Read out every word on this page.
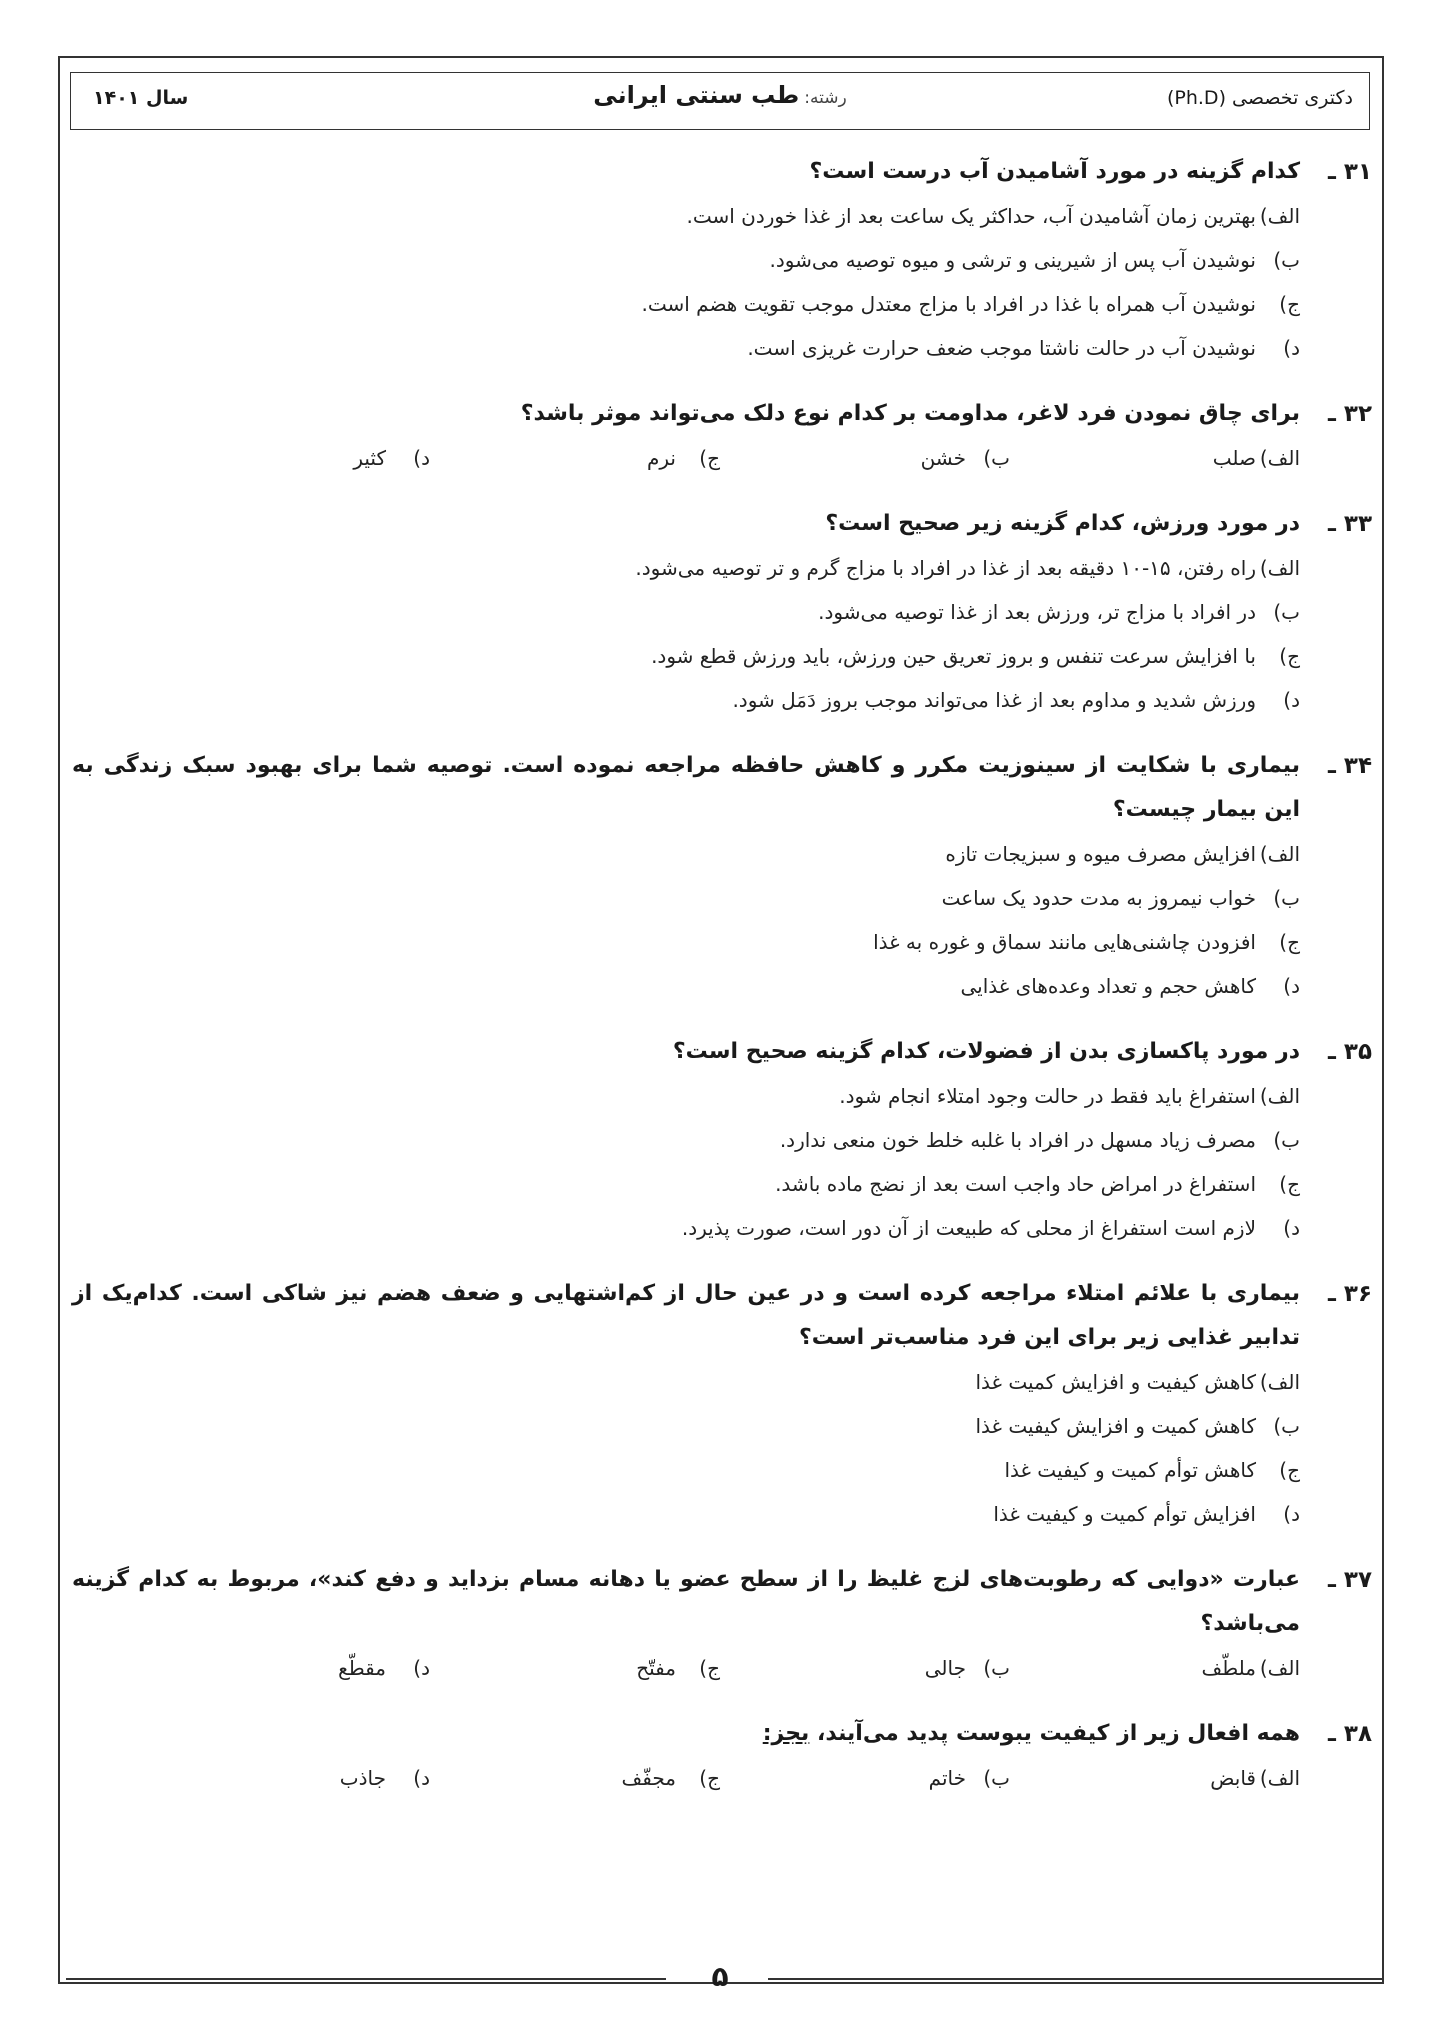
دکتری تخصصی (Ph.D)
رشته: طب سنتی ایرانی
سال ۱۴۰۱
۳۱ ـ
کدام گزینه در مورد آشامیدن آب درست است؟
الف)بهترین زمان آشامیدن آب، حداکثر یک ساعت بعد از غذا خوردن است.
ب)نوشیدن آب پس از شیرینی و ترشی و میوه توصیه می‌شود.
ج)نوشیدن آب همراه با غذا در افراد با مزاج معتدل موجب تقویت هضم است.
د)نوشیدن آب در حالت ناشتا موجب ضعف حرارت غریزی است.
۳۲ ـ
برای چاق نمودن فرد لاغر، مداومت بر کدام نوع دلک می‌تواند موثر باشد؟
الف)صلب
ب)خشن
ج)نرم
د)کثیر
۳۳ ـ
در مورد ورزش، کدام گزینه زیر صحیح است؟
الف)راه رفتن، ۱۵-۱۰ دقیقه بعد از غذا در افراد با مزاج گرم و تر توصیه می‌شود.
ب)در افراد با مزاج تر، ورزش بعد از غذا توصیه می‌شود.
ج)با افزایش سرعت تنفس و بروز تعریق حین ورزش، باید ورزش قطع شود.
د)ورزش شدید و مداوم بعد از غذا می‌تواند موجب بروز دَمَل شود.
۳۴ ـ
بیماری با شکایت از سینوزیت مکرر و کاهش حافظه مراجعه نموده است. توصیه شما برای بهبود سبک زندگی به این بیمار چیست؟
الف)افزایش مصرف میوه و سبزیجات تازه
ب)خواب نیمروز به مدت حدود یک ساعت
ج)افزودن چاشنی‌هایی مانند سماق و غوره به غذا
د)کاهش حجم و تعداد وعده‌های غذایی
۳۵ ـ
در مورد پاکسازی بدن از فضولات، کدام گزینه صحیح است؟
الف)استفراغ باید فقط در حالت وجود امتلاء انجام شود.
ب)مصرف زیاد مسهل در افراد با غلبه خلط خون منعی ندارد.
ج)استفراغ در امراض حاد واجب است بعد از نضج ماده باشد.
د)لازم است استفراغ از محلی که طبیعت از آن دور است، صورت پذیرد.
۳۶ ـ
بیماری با علائم امتلاء مراجعه کرده است و در عین حال از کم‌اشتهایی و ضعف هضم نیز شاکی است. کدام‌یک از تدابیر غذایی زیر برای این فرد مناسب‌تر است؟
الف)کاهش کیفیت و افزایش کمیت غذا
ب)کاهش کمیت و افزایش کیفیت غذا
ج)کاهش توأم کمیت و کیفیت غذا
د)افزایش توأم کمیت و کیفیت غذا
۳۷ ـ
عبارت «دوایی که رطوبت‌های لزج غلیظ را از سطح عضو یا دهانه مسام بزداید و دفع کند»، مربوط به کدام گزینه می‌باشد؟
الف)ملطّف
ب)جالی
ج)مفتّح
د)مقطّع
۳۸ ـ
همه افعال زیر از کیفیت یبوست پدید می‌آیند، بجز:
الف)قابض
ب)خاتم
ج)مجفّف
د)جاذب
۵
